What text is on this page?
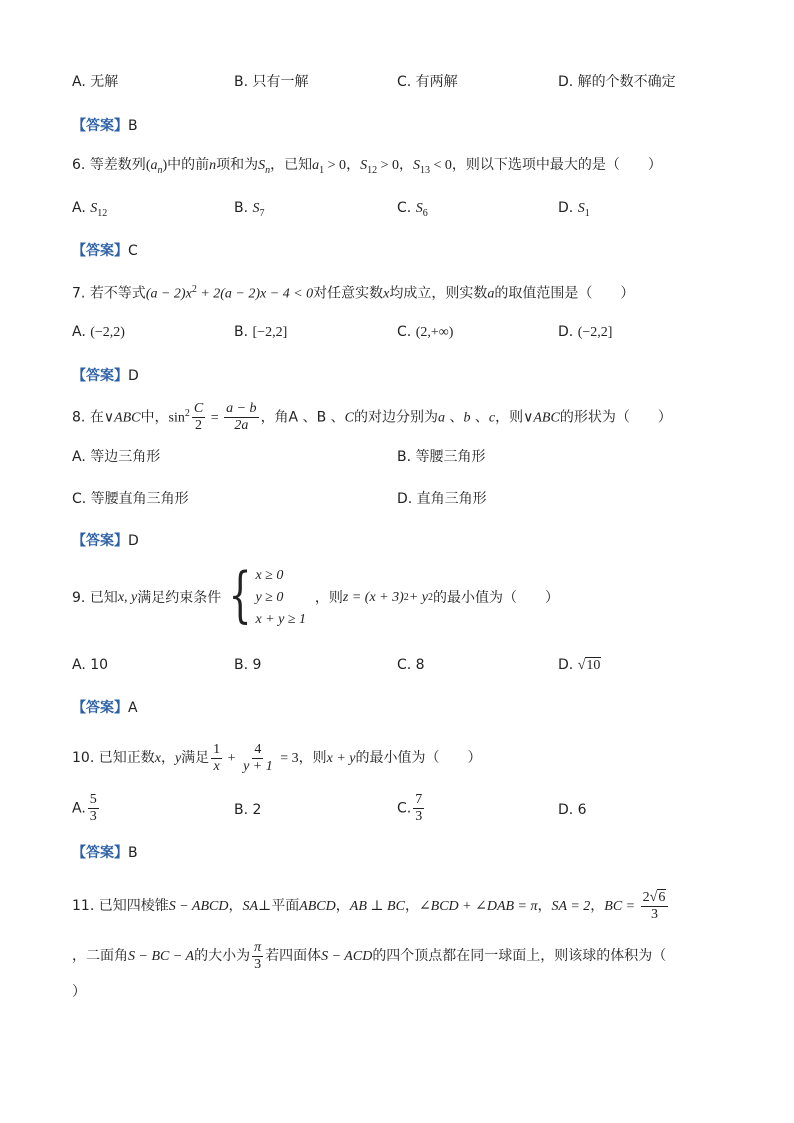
A. 无解	B. 只有一解	C. 有两解	D. 解的个数不确定
【答案】B
6. 等差数列$(a_n)$中的前n项和为$S_n$，已知$a_1 > 0$，$S_{12} > 0$，$S_{13} < 0$，则以下选项中最大的是（　　）
A. $S_{12}$	B. $S_7$	C. $S_6$	D. $S_1$
【答案】C
7. 若不等式$(a - 2)x^2 + 2(a - 2)x - 4 < 0$对任意实数x均成立，则实数a的取值范围是（　　）
A. (−2,2)	B. [−2,2]	C. (2,+∞)	D. (−2,2]
【答案】D
8. 在∨ABC中，$\sin^2 \frac{C}{2} = \frac{a - b}{2a}$ ，角A 、B 、C的对边分别为a 、b 、c，则∨ABC的形状为（　　）
A. 等边三角形	B. 等腰三角形
C. 等腰直角三角形	D. 直角三角形
【答案】D
9.
已知 x, y 满足约束条件 { x ≥ 0
y ≥ 0
x + y ≥ 1

，则 z = (x + 3) 2 + y 2 的最小值为（　　）
A. 10	B. 9	C. 8	D. √10
【答案】A
10. 已知正数x，y满足 $\frac{1}{x} + \frac{4}{y + 1} = 3$，则x + y的最小值为（　　）
A. $\frac{5}{3}$	B. 2	C. $\frac{7}{3}$	D. 6
【答案】B
11. 已知四棱锥S − ABCD，SA⊥平面ABCD，AB ⊥ BC，∠BCD + ∠DAB = π，SA = 2，BC = $\frac{2√6}{3}$
，二面角S − BC − A的大小为 $\frac{\pi}{3}$ 若四面体S − ACD的四个顶点都在同一球面上，则该球的体积为（
）
